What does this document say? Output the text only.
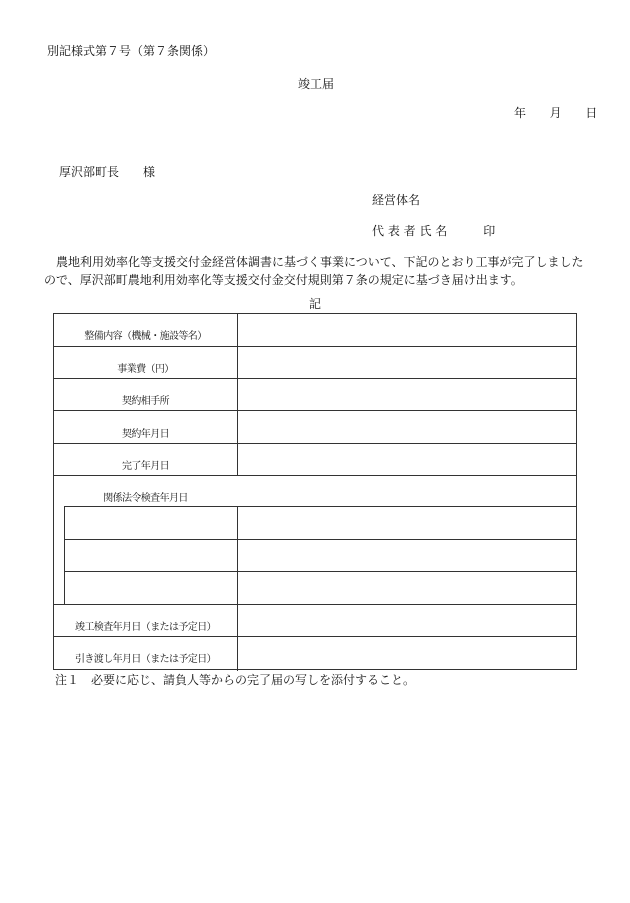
別記様式第７号（第７条関係）
竣工届
年 月 日
厚沢部町長　　様
経営体名
代 表 者 氏 名　　　印
農地利用効率化等支援交付金経営体調書に基づく事業について、下記のとおり工事が完了しましたので、厚沢部町農地利用効率化等支援交付金交付規則第７条の規定に基づき届け出ます。
記
整備内容（機械・施設等名）
事業費（円）
契約相手所
契約年月日
完了年月日
関係法令検査年月日
竣工検査年月日（または予定日）
引き渡し年月日（または予定日）
注１　必要に応じ、請負人等からの完了届の写しを添付すること。
